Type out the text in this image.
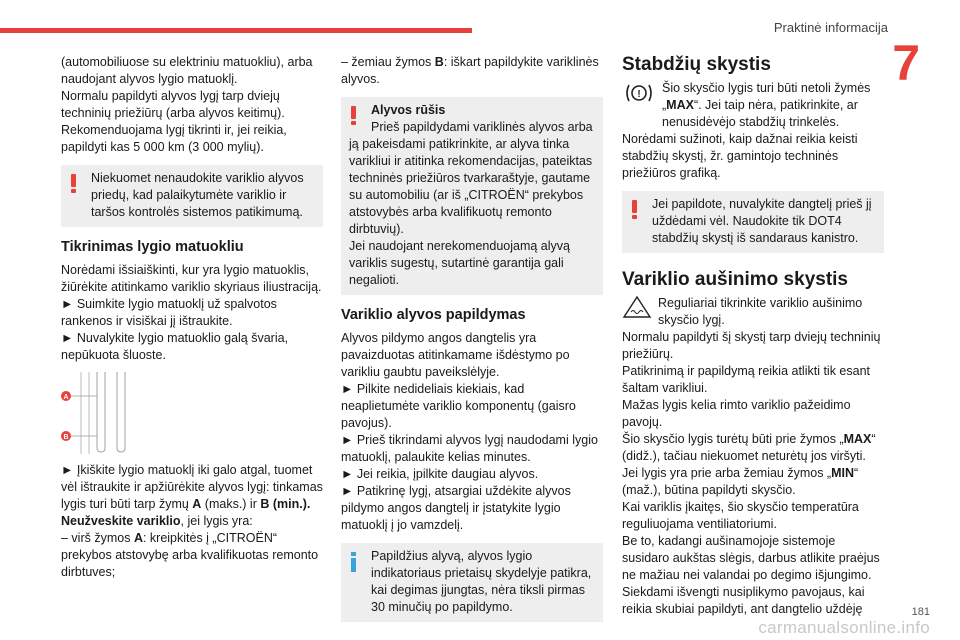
Praktinė informacija
7

(automobiliuose su elektriniu matuokliu), arba naudojant alyvos lygio matuoklį.

Normalu papildyti alyvos lygį tarp dviejų techninių priežiūrų (arba alyvos keitimų).

Rekomenduojama lygį tikrinti ir, jei reikia, papildyti kas 5 000 km (3 000 mylių).

Niekuomet nenaudokite variklio alyvos priedų, kad palaikytumėte variklio ir taršos kontrolės sistemos patikimumą.
Tikrinimas lygio matuokliu

Norėdami išsiaiškinti, kur yra lygio matuoklis, žiūrėkite atitinkamo variklio skyriaus iliustraciją.

► Suimkite lygio matuoklį už spalvotos rankenos ir visiškai jį ištraukite.

► Nuvalykite lygio matuoklio galą švaria, nepūkuota šluoste.

A
B

► Įkiškite lygio matuoklį iki galo atgal, tuomet vėl ištraukite ir apžiūrėkite alyvos lygį: tinkamas lygis turi būti tarp žymų A (maks.) ir B (min.).

Neužveskite variklio, jei lygis yra:

– virš žymos A: kreipkitės į „CITROËN“ prekybos atstovybę arba kvalifikuotas remonto dirbtuves;

– žemiau žymos B: iškart papildykite variklinės alyvos.

Alyvos rūšis
Prieš papildydami variklinės alyvos arba ją pakeisdami patikrinkite, ar alyva tinka varikliui ir atitinka rekomendacijas, pateiktas techninės priežiūros tvarkaraštyje, gautame su automobiliu (ar iš „CITROËN“ prekybos atstovybės arba kvalifikuotų remonto dirbtuvių).
Jei naudojant nerekomenduojamą alyvą variklis sugestų, sutartinė garantija gali negalioti.
Variklio alyvos papildymas

Alyvos pildymo angos dangtelis yra pavaizduotas atitinkamame išdėstymo po varikliu gaubtu paveikslėlyje.

► Pilkite nedideliais kiekiais, kad neaplietumėte variklio komponentų (gaisro pavojus).

► Prieš tikrindami alyvos lygį naudodami lygio matuoklį, palaukite kelias minutes.

► Jei reikia, įpilkite daugiau alyvos.

► Patikrinę lygį, atsargiai uždėkite alyvos pildymo angos dangtelį ir įstatykite lygio matuoklį į jo vamzdelį.

Papildžius alyvą, alyvos lygio indikatoriaus prietaisų skydelyje patikra, kai degimas įjungtas, nėra tiksli pirmas 30 minučių po papildymo.
Stabdžių skystis
! Šio skysčio lygis turi būti netoli žymės „MAX“. Jei taip nėra, patikrinkite, ar nenusidėvėjo stabdžių trinkelės.

Norėdami sužinoti, kaip dažnai reikia keisti stabdžių skystį, žr. gamintojo techninės priežiūros grafiką.

Jei papildote, nuvalykite dangtelį prieš jį uždėdami vėl. Naudokite tik DOT4 stabdžių skystį iš sandaraus kanistro.
Variklio aušinimo skystis

Reguliariai tikrinkite variklio aušinimo skysčio lygį.

Normalu papildyti šį skystį tarp dviejų techninių priežiūrų.

Patikrinimą ir papildymą reikia atlikti tik esant šaltam varikliui.

Mažas lygis kelia rimto variklio pažeidimo pavojų.

Šio skysčio lygis turėtų būti prie žymos „MAX“ (didž.), tačiau niekuomet neturėtų jos viršyti.

Jei lygis yra prie arba žemiau žymos „MIN“ (maž.), būtina papildyti skysčio.

Kai variklis įkaitęs, šio skysčio temperatūra reguliuojama ventiliatoriumi.

Be to, kadangi aušinamojoje sistemoje susidaro aukštas slėgis, darbus atlikite praėjus ne mažiau nei valandai po degimo išjungimo.

Siekdami išvengti nusiplikymo pavojaus, kai reikia skubiai papildyti, ant dangtelio uždėję

carmanualsonline.info
181
